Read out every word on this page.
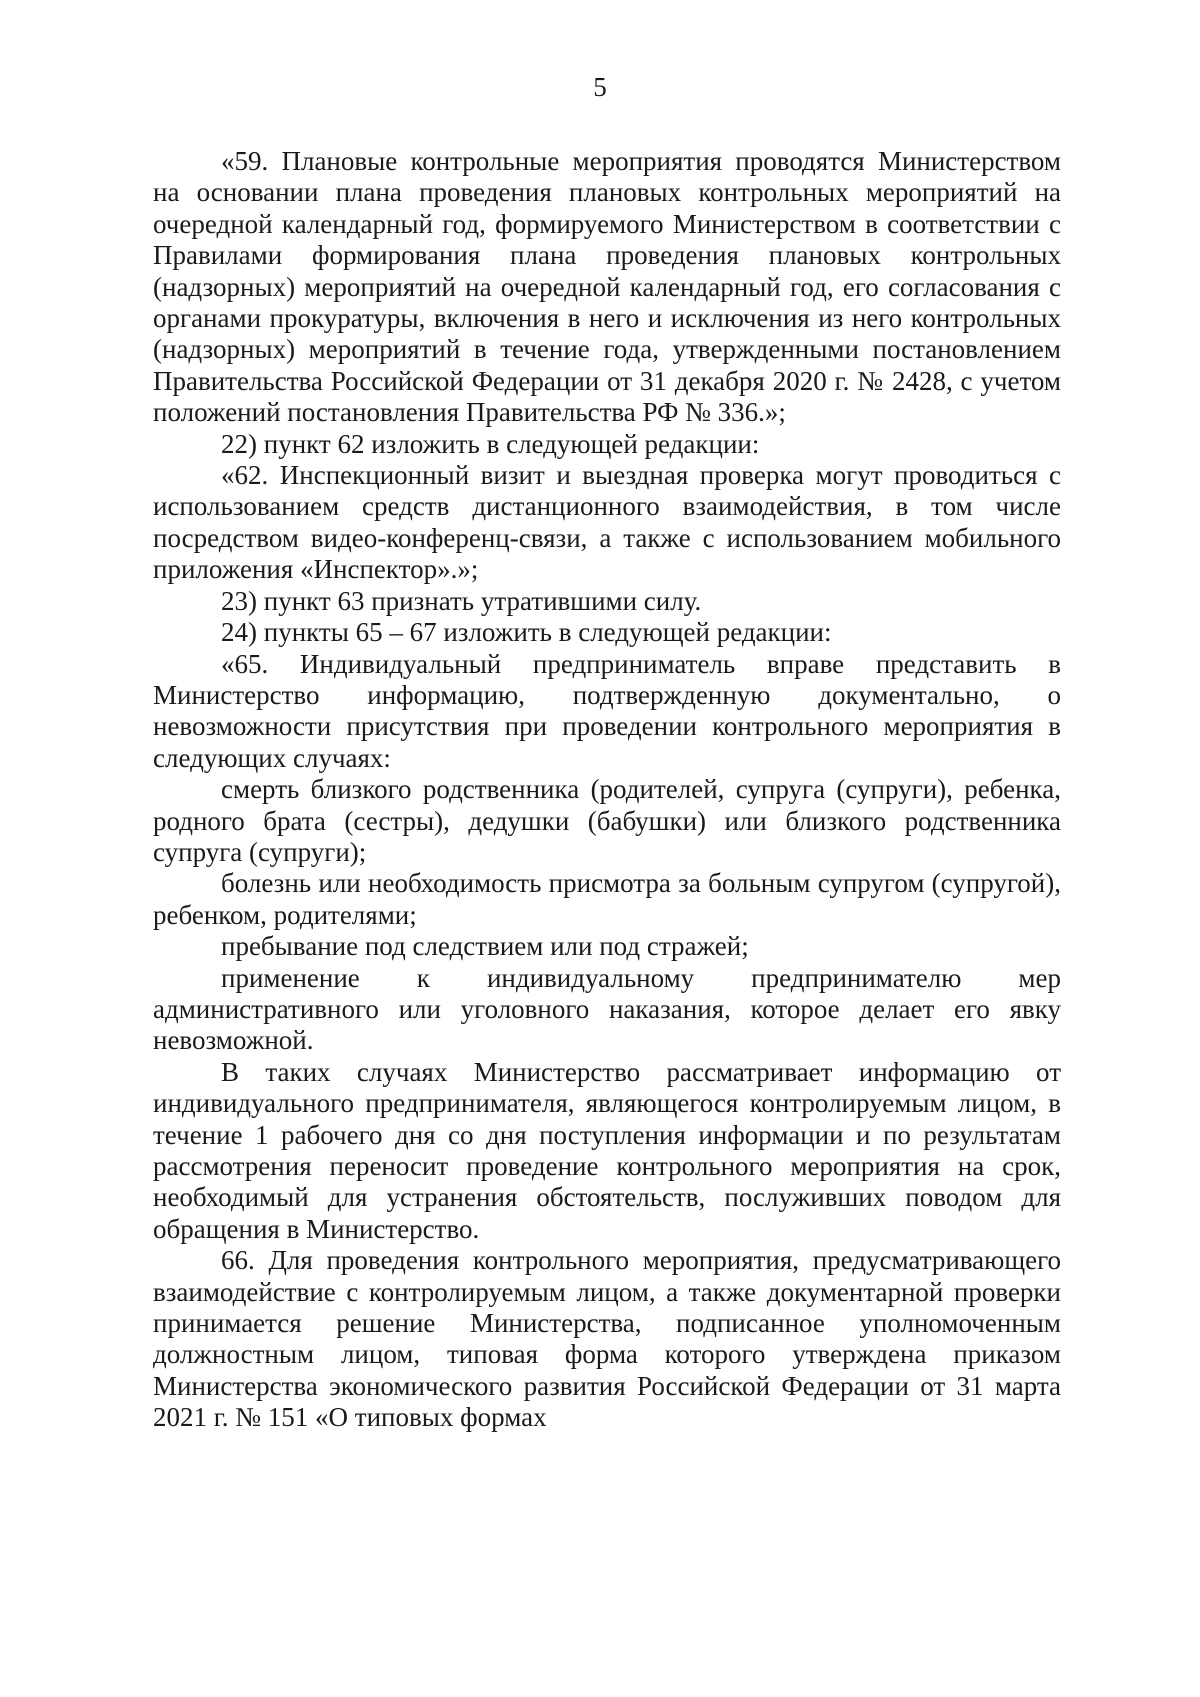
5

«59. Плановые контрольные мероприятия проводятся Министерством на основании плана проведения плановых контрольных мероприятий на очередной календарный год, формируемого Министерством в соответствии с Правилами формирования плана проведения плановых контрольных (надзорных) мероприятий на очередной календарный год, его согласования с органами прокуратуры, включения в него и исключения из него контрольных (надзорных) мероприятий в течение года, утвержденными постановлением Правительства Российской Федерации от 31 декабря 2020 г. № 2428, с учетом положений постановления Правительства РФ № 336.»;

22) пункт 62 изложить в следующей редакции:

«62. Инспекционный визит и выездная проверка могут проводиться с использованием средств дистанционного взаимодействия, в том числе посредством видео-конференц-связи, а также с использованием мобильного приложения «Инспектор».»;

23) пункт 63 признать утратившими силу.

24) пункты 65 – 67 изложить в следующей редакции:

«65. Индивидуальный предприниматель вправе представить в Министерство информацию, подтвержденную документально, о невозможности присутствия при проведении контрольного мероприятия в следующих случаях:

смерть близкого родственника (родителей, супруга (супруги), ребенка, родного брата (сестры), дедушки (бабушки) или близкого родственника супруга (супруги);

болезнь или необходимость присмотра за больным супругом (супругой), ребенком, родителями;

пребывание под следствием или под стражей;

применение к индивидуальному предпринимателю мер административного или уголовного наказания, которое делает его явку невозможной.

В таких случаях Министерство рассматривает информацию от индивидуального предпринимателя, являющегося контролируемым лицом, в течение 1 рабочего дня со дня поступления информации и по результатам рассмотрения переносит проведение контрольного мероприятия на срок, необходимый для устранения обстоятельств, послуживших поводом для обращения в Министерство.

66. Для проведения контрольного мероприятия, предусматривающего взаимодействие с контролируемым лицом, а также документарной проверки принимается решение Министерства, подписанное уполномоченным должностным лицом, типовая форма которого утверждена приказом Министерства экономического развития Российской Федерации от 31 марта 2021 г. № 151 «О типовых формах
